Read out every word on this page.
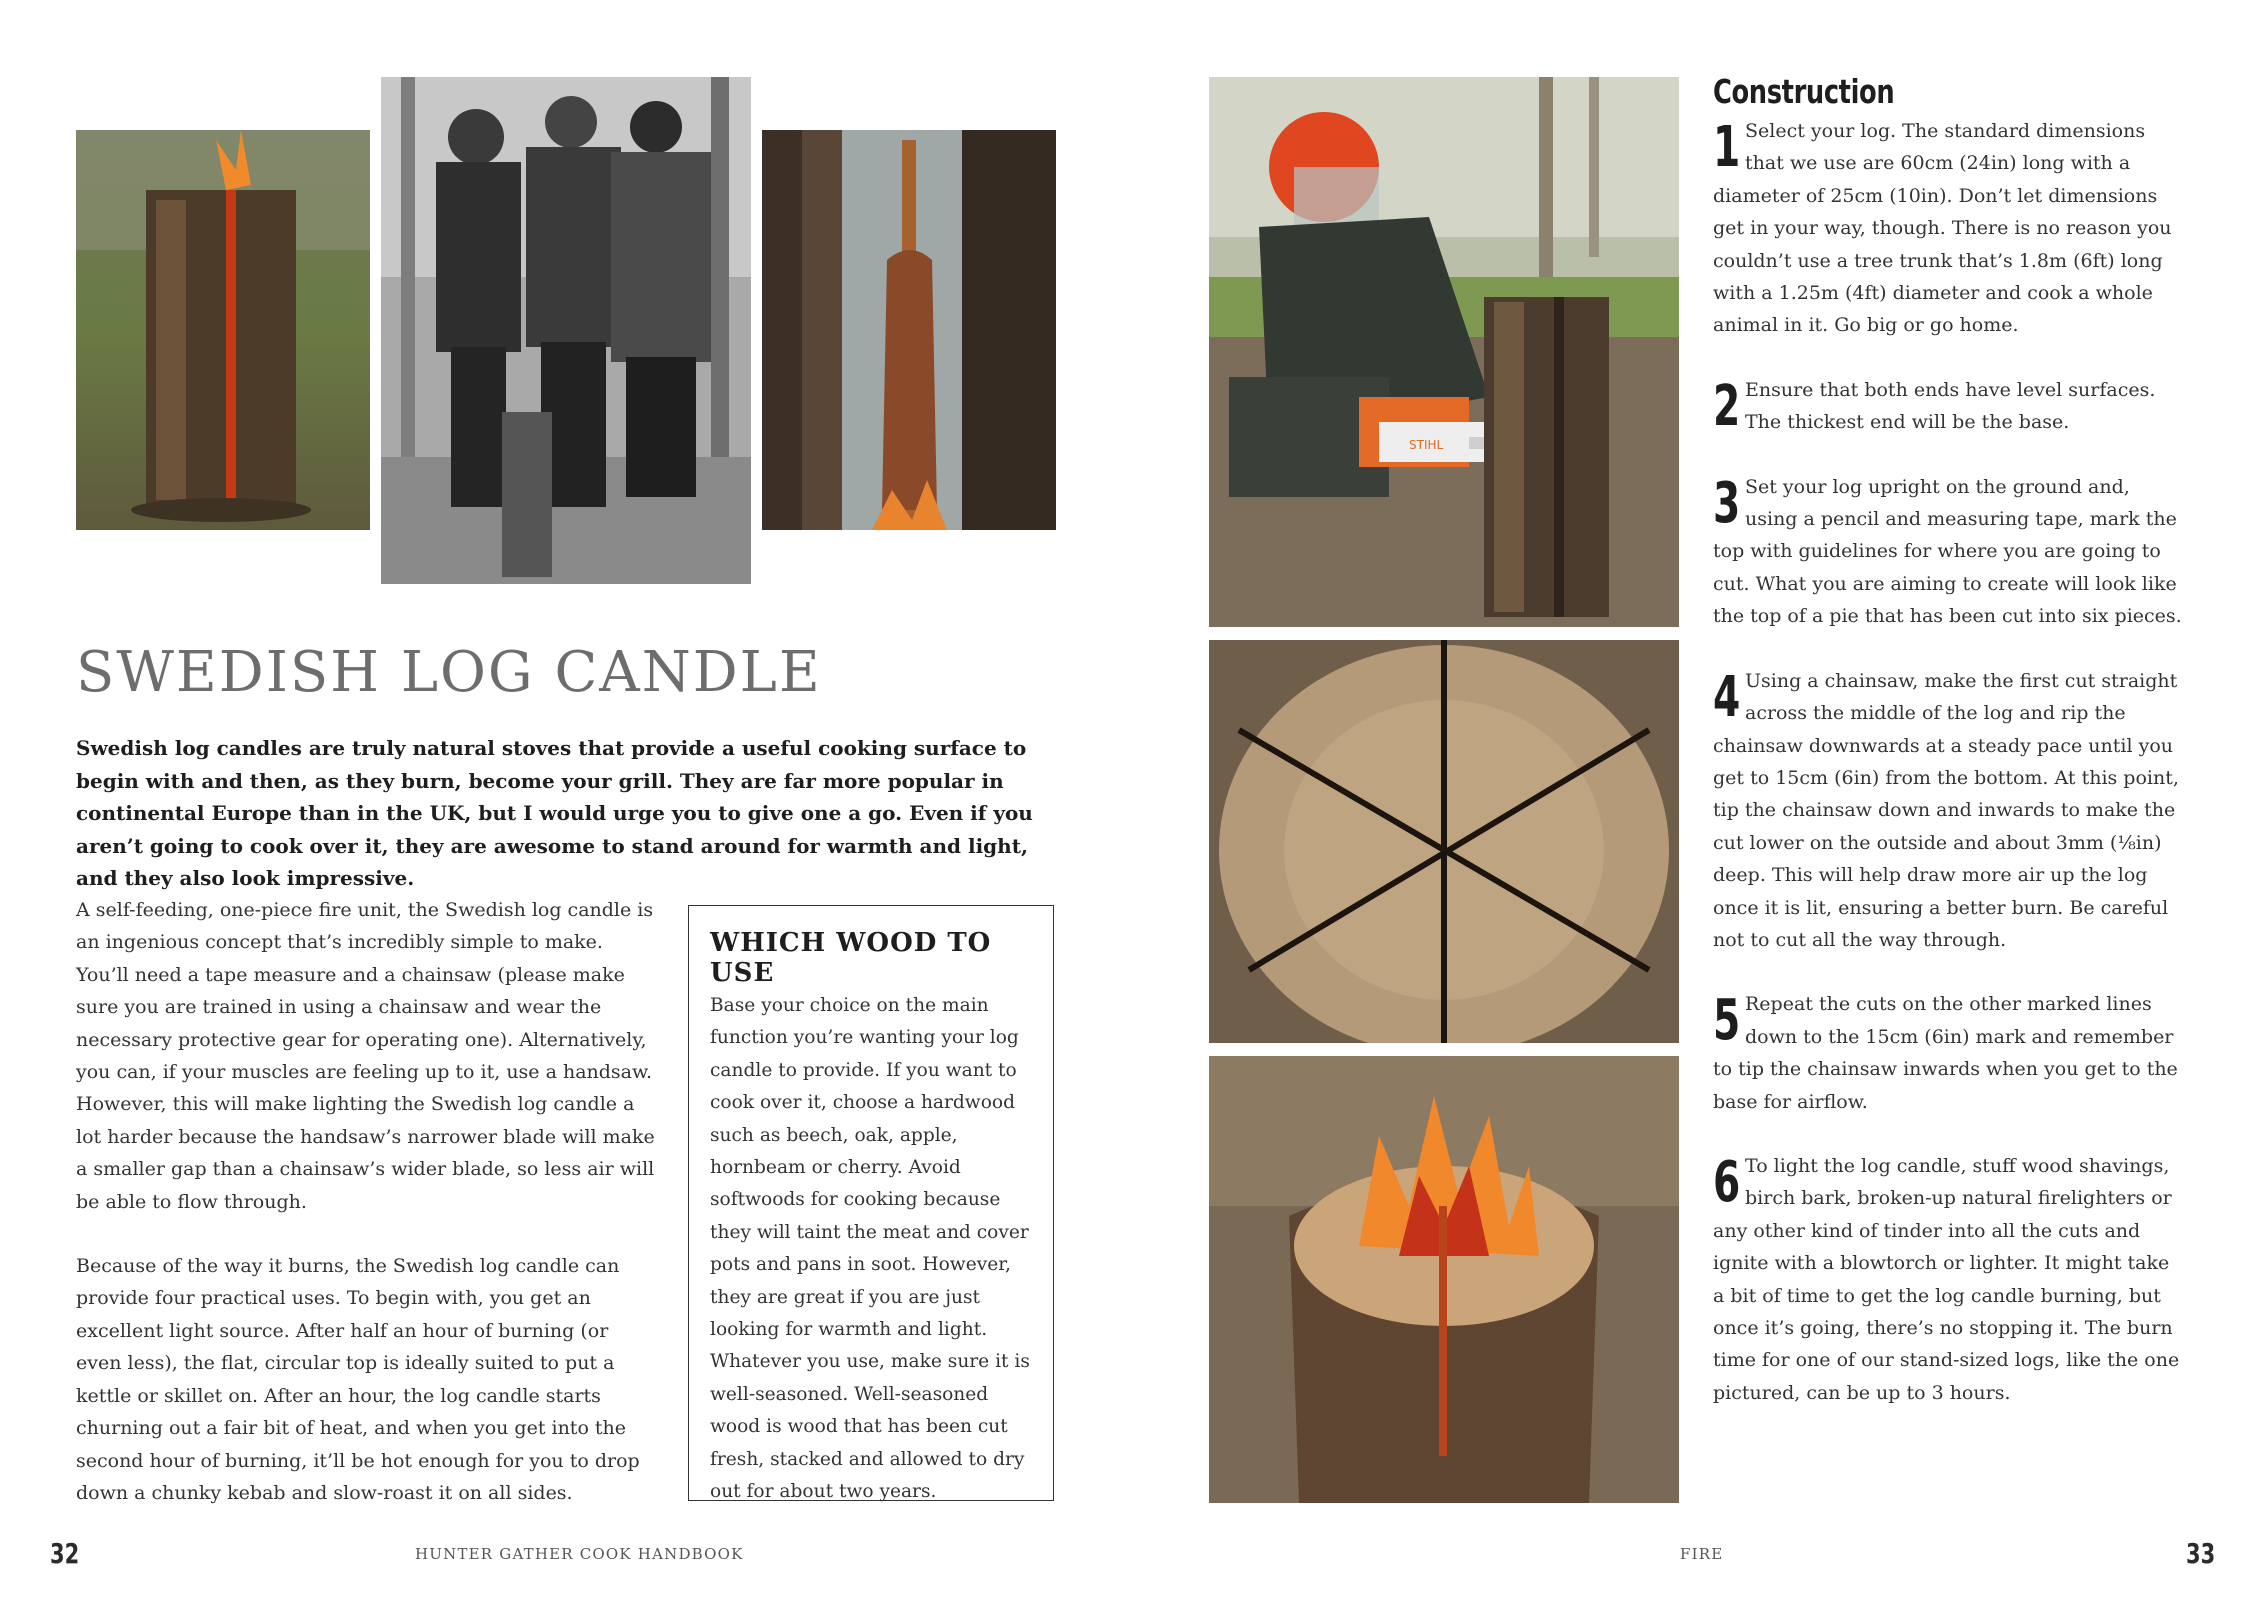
SWEDISH LOG CANDLE
Swedish log candles are truly natural stoves that provide a useful cooking surface to begin with and then, as they burn, become your grill. They are far more popular in continental Europe than in the UK, but I would urge you to give one a go. Even if you aren’t going to cook over it, they are awesome to stand around for warmth and light, and they also look impressive.

A self-feeding, one-piece fire unit, the Swedish log candle is an ingenious concept that’s incredibly simple to make. You’ll need a tape measure and a chainsaw (please make sure you are trained in using a chainsaw and wear the necessary protective gear for operating one). Alternatively, you can, if your muscles are feeling up to it, use a handsaw. However, this will make lighting the Swedish log candle a lot harder because the handsaw’s narrower blade will make a smaller gap than a chainsaw’s wider blade, so less air will be able to flow through.

Because of the way it burns, the Swedish log candle can provide four practical uses. To begin with, you get an excellent light source. After half an hour of burning (or even less), the flat, circular top is ideally suited to put a kettle or skillet on. After an hour, the log candle starts churning out a fair bit of heat, and when you get into the second hour of burning, it’ll be hot enough for you to drop down a chunky kebab and slow-roast it on all sides.

WHICH WOOD TO USE
Base your choice on the main function you’re wanting your log candle to provide. If you want to cook over it, choose a hardwood such as beech, oak, apple, hornbeam or cherry. Avoid softwoods for cooking because they will taint the meat and cover pots and pans in soot. However, they are great if you are just looking for warmth and light. Whatever you use, make sure it is well-seasoned. Well-seasoned wood is wood that has been cut fresh, stacked and allowed to dry out for about two years.
32	HUNTER GATHER COOK HANDBOOK
STIHL
Construction
1 Select your log. The standard dimensions that we use are 60cm (24in) long with a diameter of 25cm (10in). Don’t let dimensions get in your way, though. There is no reason you couldn’t use a tree trunk that’s 1.8m (6ft) long with a 1.25m (4ft) diameter and cook a whole animal in it. Go big or go home.
2 Ensure that both ends have level surfaces. The thickest end will be the base.
3 Set your log upright on the ground and, using a pencil and measuring tape, mark the top with guidelines for where you are going to cut. What you are aiming to create will look like the top of a pie that has been cut into six pieces.
4 Using a chainsaw, make the first cut straight across the middle of the log and rip the chainsaw downwards at a steady pace until you get to 15cm (6in) from the bottom. At this point, tip the chainsaw down and inwards to make the cut lower on the outside and about 3mm (⅛in) deep. This will help draw more air up the log once it is lit, ensuring a better burn. Be careful not to cut all the way through.
5 Repeat the cuts on the other marked lines down to the 15cm (6in) mark and remember to tip the chainsaw inwards when you get to the base for airflow.
6 To light the log candle, stuff wood shavings, birch bark, broken-up natural firelighters or any other kind of tinder into all the cuts and ignite with a blowtorch or lighter. It might take a bit of time to get the log candle burning, but once it’s going, there’s no stopping it. The burn time for one of our stand-sized logs, like the one pictured, can be up to 3 hours.
FIRE	33
